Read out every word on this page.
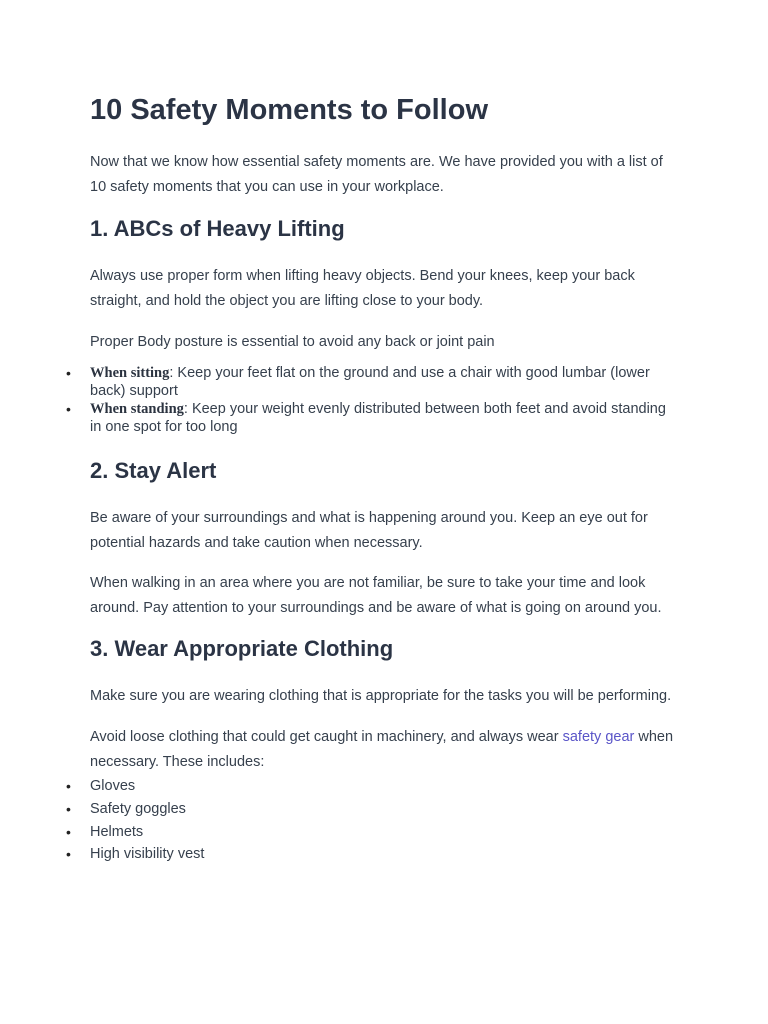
10 Safety Moments to Follow

Now that we know how essential safety moments are. We have provided you with a list of 10 safety moments that you can use in your workplace.

1. ABCs of Heavy Lifting

Always use proper form when lifting heavy objects. Bend your knees, keep your back straight, and hold the object you are lifting close to your body.

Proper Body posture is essential to avoid any back or joint pain

• When sitting: Keep your feet flat on the ground and use a chair with good lumbar (lower back) support
• When standing: Keep your weight evenly distributed between both feet and avoid standing in one spot for too long
2. Stay Alert

Be aware of your surroundings and what is happening around you. Keep an eye out for potential hazards and take caution when necessary.

When walking in an area where you are not familiar, be sure to take your time and look around. Pay attention to your surroundings and be aware of what is going on around you.

3. Wear Appropriate Clothing

Make sure you are wearing clothing that is appropriate for the tasks you will be performing.

Avoid loose clothing that could get caught in machinery, and always wear safety gear when necessary. These includes:

• Gloves
• Safety goggles
• Helmets
• High visibility vest
